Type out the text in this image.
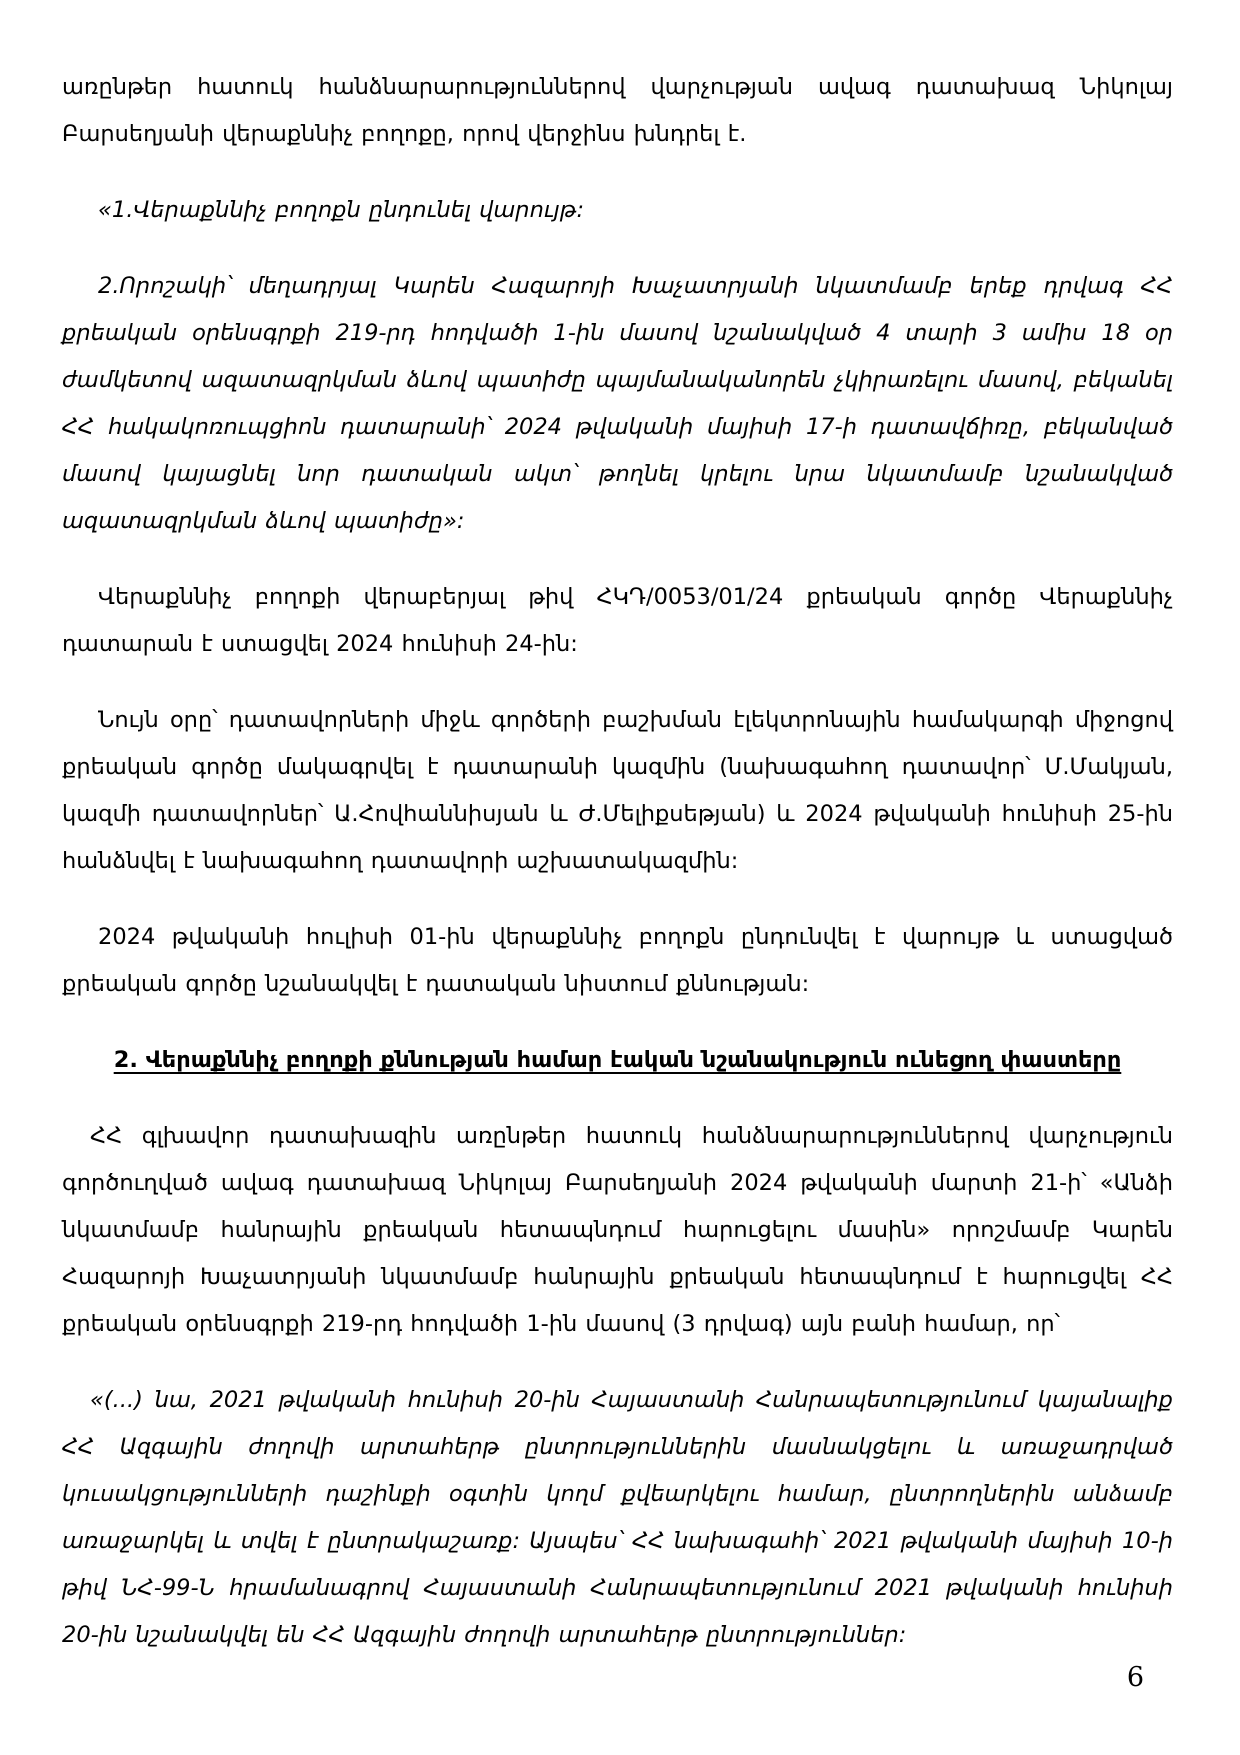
առընթեր հատուկ հանձնարարություններով վարչության ավագ դատախազ Նիկոլայ Բարսեղյանի վերաքննիչ բողոքը, որով վերջինս խնդրել է.

«1.Վերաքննիչ բողոքն ընդունել վարույթ:

2.Որոշակի՝ մեղադրյալ Կարեն Հազարոյի Խաչատրյանի նկատմամբ երեք դրվագ ՀՀ քրեական օրենսգրքի 219-րդ հոդվածի 1-ին մասով նշանակված 4 տարի 3 ամիս 18 օր ժամկետով ազատազրկման ձևով պատիժը պայմանականորեն չկիրառելու մասով, բեկանել ՀՀ հակակոռուպցիոն դատարանի՝ 2024 թվականի մայիսի 17-ի դատավճիռը, բեկանված մասով կայացնել նոր դատական ակտ՝ թողնել կրելու նրա նկատմամբ նշանակված ազատազրկման ձևով պատիժը»:

Վերաքննիչ բողոքի վերաբերյալ թիվ ՀԿԴ/0053/01/24 քրեական գործը Վերաքննիչ դատարան է ստացվել 2024 հունիսի 24-ին:

Նույն օրը՝ դատավորների միջև գործերի բաշխման էլեկտրոնային համակարգի միջոցով քրեական գործը մակագրվել է դատարանի կազմին (նախագահող դատավոր՝ Մ.Մակյան, կազմի դատավորներ՝ Ա.Հովհաննիսյան և Ժ.Մելիքսեթյան) և 2024 թվականի հունիսի 25-ին հանձնվել է նախագահող դատավորի աշխատակազմին:

2024 թվականի հուլիսի 01-ին վերաքննիչ բողոքն ընդունվել է վարույթ և ստացված քրեական գործը նշանակվել է դատական նիստում քննության:

2. Վերաքննիչ բողոքի քննության համար էական նշանակություն ունեցող փաստերը

ՀՀ գլխավոր դատախազին առընթեր հատուկ հանձնարարություններով վարչություն գործուղված ավագ դատախազ Նիկոլայ Բարսեղյանի 2024 թվականի մարտի 21-ի՝ «Անձի նկատմամբ հանրային քրեական հետապնդում հարուցելու մասին» որոշմամբ Կարեն Հազարոյի Խաչատրյանի նկատմամբ հանրային քրեական հետապնդում է հարուցվել ՀՀ քրեական օրենսգրքի 219-րդ հոդվածի 1-ին մասով (3 դրվագ) այն բանի համար, որ՝

«(...) նա, 2021 թվականի հունիսի 20-ին Հայաստանի Հանրապետությունում կայանալիք ՀՀ Ազգային ժողովի արտահերթ ընտրություններին մասնակցելու և առաջադրված կուսակցությունների դաշինքի օգտին կողմ քվեարկելու համար, ընտրողներին անձամբ առաջարկել և տվել է ընտրակաշառք: Այսպես՝ ՀՀ նախագահի՝ 2021 թվականի մայիսի 10-ի թիվ ՆՀ-99-Ն հրամանագրով Հայաստանի Հանրապետությունում 2021 թվականի հունիսի 20-ին նշանակվել են ՀՀ Ազգային ժողովի արտահերթ ընտրություններ:

6
